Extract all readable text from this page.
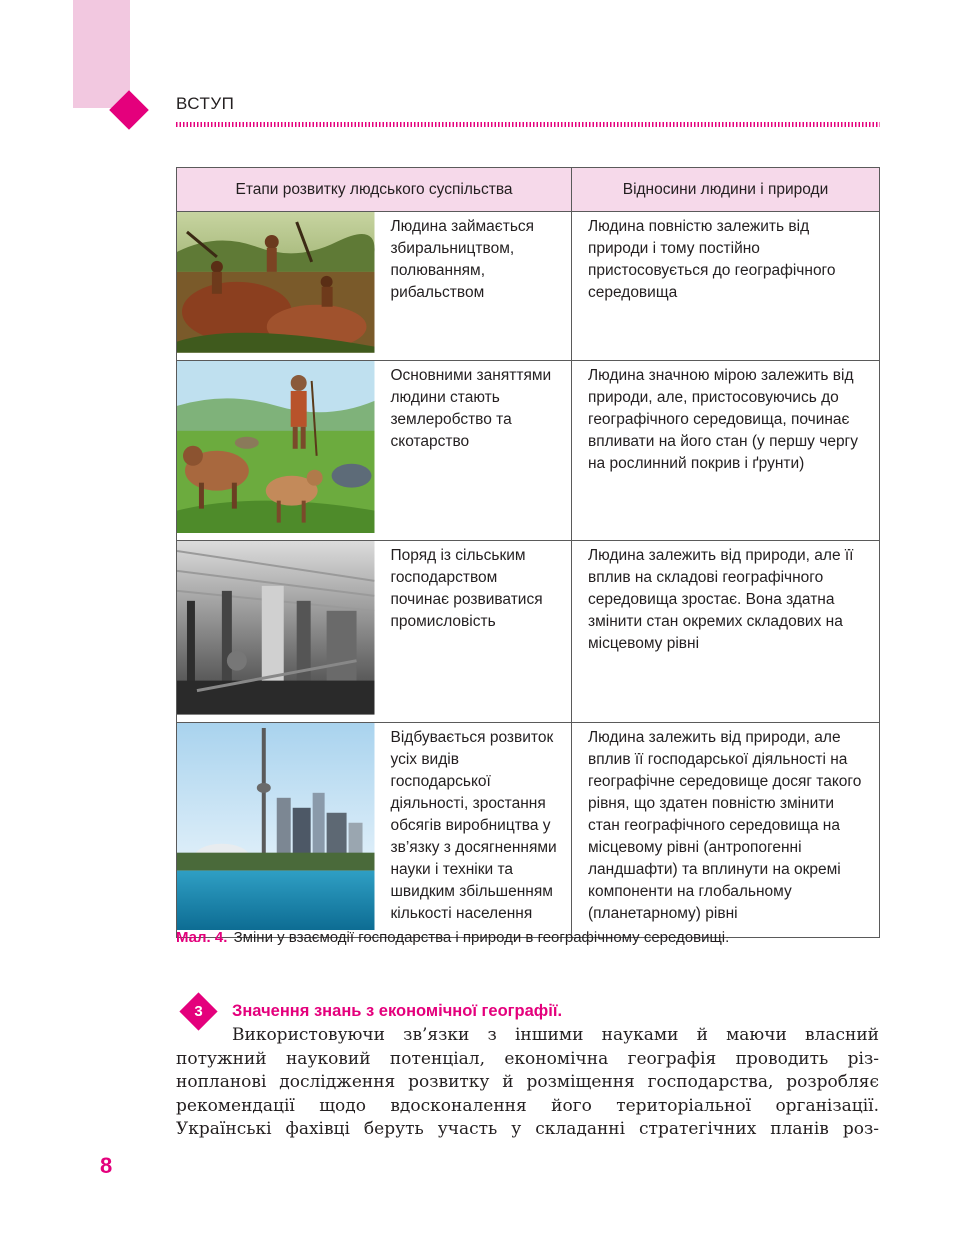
ВСТУП
Етапи розвитку людського суспільства		Відносини людини і природи
	Людина займається збиральництвом, полюванням, рибальством	Людина повністю залежить від природи і тому постійно пристосовується до географічного середовища
	Основними заняттями людини стають землеробство та скотарство	Людина значною мірою залежить від природи, але, пристосовуючись до географічного середовища, починає впливати на його стан (у першу чергу на рослинний покрив і ґрунти)
	Поряд із сільським господарством починає розвиватися промисловість	Людина залежить від природи, але її вплив на складові географічного середовища зростає. Вона здатна змінити стан окремих складових на місцевому рівні
	Відбувається розвиток усіх видів господарської діяльності, зростання обсягів виробництва у зв’язку з досягненнями науки і техніки та швидким збільшенням кількості населення	Людина залежить від природи, але вплив її господарської діяльності на географічне середовище досяг такого рівня, що здатен повністю змінити стан географічного середовища на місцевому рівні (антропогенні ландшафти) та вплинути на окремі компоненти на глобальному (планетарному) рівні
Мал. 4. Зміни у взаємодії господарства і природи в географічному середовищі.
3	Значення знань з економічної географії.
Використовуючи зв’язки з іншими науками й маючи власний
потужний науковий потенціал, економічна географія проводить різ-
нопланові дослідження розвитку й розміщення господарства, розробляє
рекомендації щодо вдосконалення його територіальної організації.
Українські фахівці беруть участь у складанні стратегічних планів роз-
8
